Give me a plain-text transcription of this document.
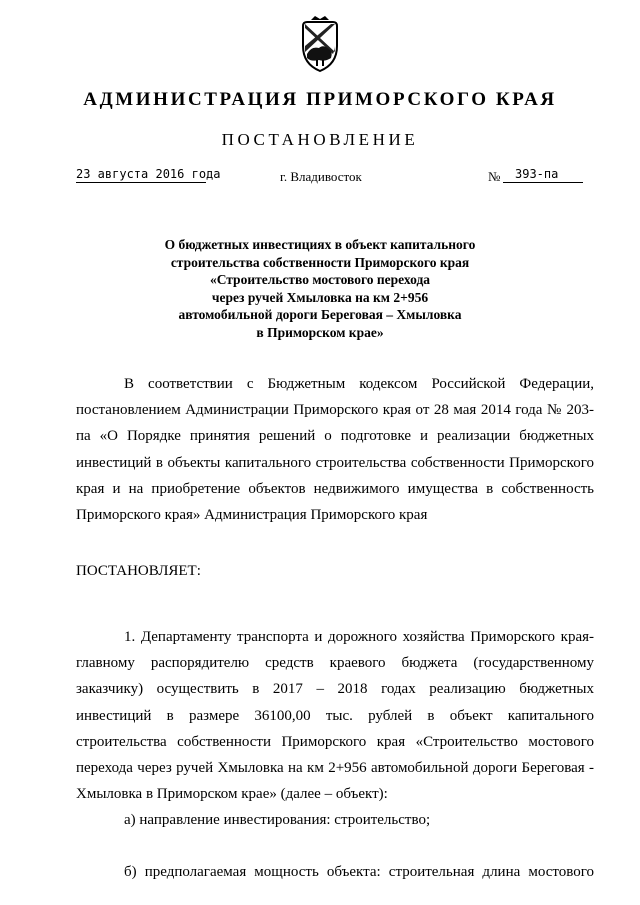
АДМИНИСТРАЦИЯ ПРИМОРСКОГО КРАЯ
ПОСТАНОВЛЕНИЕ
23 августа 2016 года	г. Владивосток	№	393-па
О бюджетных инвестициях в объект капитального
строительства собственности Приморского края
«Строительство мостового перехода
через ручей Хмыловка на км 2+956
автомобильной дороги Береговая – Хмыловка
в Приморском крае»
В соответствии с Бюджетным кодексом Российской Федерации, постановлением Администрации Приморского края от 28 мая 2014 года № 203-па «О Порядке принятия решений о подготовке и реализации бюджетных инвестиций в объекты капитального строительства собственности Приморского края и на приобретение объектов недвижимого имущества в собственность Приморского края» Администрация Приморского края
ПОСТАНОВЛЯЕТ:
1. Департаменту транспорта и дорожного хозяйства Приморского края-главному распорядителю средств краевого бюджета (государственному заказчику) осуществить в 2017 – 2018 годах реализацию бюджетных инвестиций в размере 36100,00 тыс. рублей в объект капитального строительства собственности Приморского края «Строительство мостового перехода через ручей Хмыловка на км 2+956 автомобильной дороги Береговая - Хмыловка в Приморском крае» (далее – объект):
а) направление инвестирования: строительство;
б) предполагаемая мощность объекта: строительная длина мостового
